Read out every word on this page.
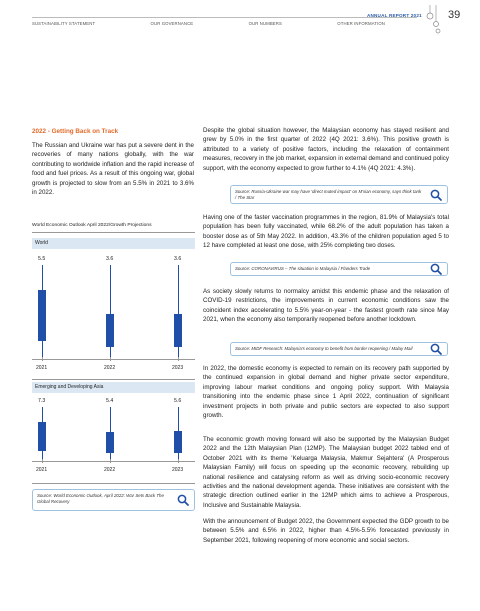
SUSTAINABILITY STATEMENT	OUR GOVERNANCE	OUR NUMBERS	OTHER INFORMATION
ANNUAL REPORT 2021 39
2022 - Getting Back on Track
The Russian and Ukraine war has put a severe dent in the recoveries of many nations globally, with the war contributing to worldwide inflation and the rapid increase of food and fuel prices. As a result of this ongoing war, global growth is projected to slow from an 5.5% in 2021 to 3.6% in 2022.
World Economic Outlook April 2022/Growth Projections
World
5.5
2021
3.6
2022
3.6
2023
Emerging and Developing Asia
7.3
2021
5.4
2022
5.6
2023
Source: World Economic Outlook, April 2022: War Sets Back The Global Recovery
Despite the global situation however, the Malaysian economy has stayed resilient and grew by 5.0% in the first quarter of 2022 (4Q 2021: 3.6%). This positive growth is attributed to a variety of positive factors, including the relaxation of containment measures, recovery in the job market, expansion in external demand and continued policy support, with the economy expected to grow further to 4.1% (4Q 2021: 4.3%).
Source: Russia-Ukraine war may have 'direct muted impact' on M'sian economy, says think tank / The Star
Having one of the faster vaccination programmes in the region, 81.9% of Malaysia's total population has been fully vaccinated, while 68.2% of the adult population has taken a booster dose as of 5th May 2022. In addition, 43.3% of the children population aged 5 to 12 have completed at least one dose, with 25% completing two doses.
Source: CORONAVIRUS – The situation in Malaysia / Flanders Trade
As society slowly returns to normalcy amidst this endemic phase and the relaxation of COVID-19 restrictions, the improvements in current economic conditions saw the coincident index accelerating to 5.5% year-on-year - the fastest growth rate since May 2021, when the economy also temporarily reopened before another lockdown.
Source: MIDF Research: Malaysia's economy to benefit from border reopening / Malay Mail
In 2022, the domestic economy is expected to remain on its recovery path supported by the continued expansion in global demand and higher private sector expenditure, improving labour market conditions and ongoing policy support. With Malaysia transitioning into the endemic phase since 1 April 2022, continuation of significant investment projects in both private and public sectors are expected to also support growth.
The economic growth moving forward will also be supported by the Malaysian Budget 2022 and the 12th Malaysian Plan (12MP). The Malaysian budget 2022 tabled end of October 2021 with its theme 'Keluarga Malaysia, Makmur Sejahtera' (A Prosperous Malaysian Family) will focus on speeding up the economic recovery, rebuilding up national resilience and catalysing reform as well as driving socio-economic recovery activities and the national development agenda. These initiatives are consistent with the strategic direction outlined earlier in the 12MP which aims to achieve a Prosperous, Inclusive and Sustainable Malaysia.
With the announcement of Budget 2022, the Government expected the GDP growth to be between 5.5% and 6.5% in 2022, higher than 4.5%-5.5% forecasted previously in September 2021, following reopening of more economic and social sectors.
